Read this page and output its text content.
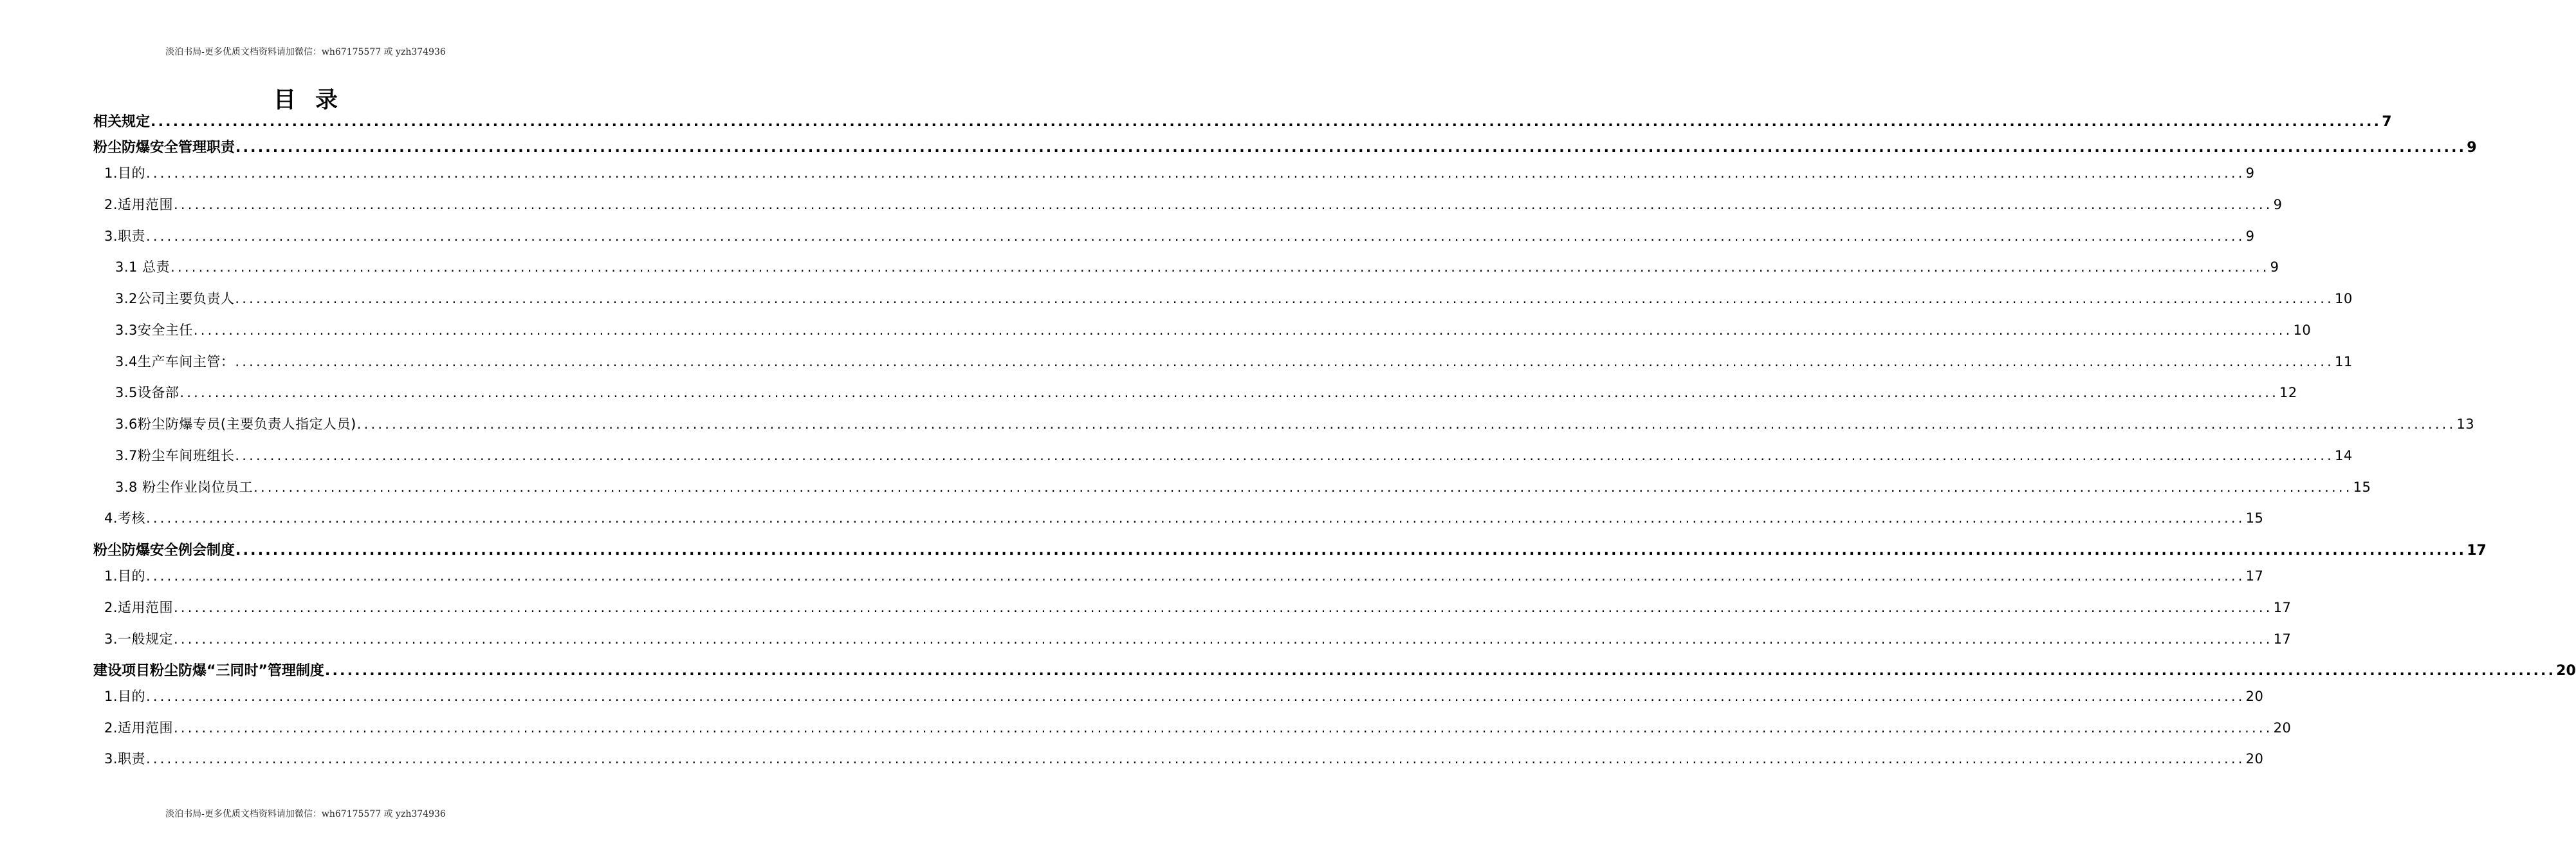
淡泊书局-更多优质文档资料请加微信：wh67175577 或 yzh374936
目录
相关规定 ............................................................................................................................................................................................................................................................................................................ 7
粉尘防爆安全管理职责 ............................................................................................................................................................................................................................................................................................................ 9
1.目的 ............................................................................................................................................................................................................................................................................................................ 9
2.适用范围 ............................................................................................................................................................................................................................................................................................................ 9
3.职责 ............................................................................................................................................................................................................................................................................................................ 9
3.1 总责 ............................................................................................................................................................................................................................................................................................................ 9
3.2公司主要负责人 ............................................................................................................................................................................................................................................................................................................ 10
3.3安全主任 ............................................................................................................................................................................................................................................................................................................ 10
3.4生产车间主管： ............................................................................................................................................................................................................................................................................................................ 11
3.5设备部 ............................................................................................................................................................................................................................................................................................................ 12
3.6粉尘防爆专员(主要负责人指定人员) ............................................................................................................................................................................................................................................................................................................ 13
3.7粉尘车间班组长 ............................................................................................................................................................................................................................................................................................................ 14
3.8 粉尘作业岗位员工 ............................................................................................................................................................................................................................................................................................................ 15
4.考核 ............................................................................................................................................................................................................................................................................................................ 15
粉尘防爆安全例会制度 ............................................................................................................................................................................................................................................................................................................ 17
1.目的 ............................................................................................................................................................................................................................................................................................................ 17
2.适用范围 ............................................................................................................................................................................................................................................................................................................ 17
3.一般规定 ............................................................................................................................................................................................................................................................................................................ 17
建设项目粉尘防爆“三同时”管理制度 ............................................................................................................................................................................................................................................................................................................ 20
1.目的 ............................................................................................................................................................................................................................................................................................................ 20
2.适用范围 ............................................................................................................................................................................................................................................................................................................ 20
3.职责 ............................................................................................................................................................................................................................................................................................................ 20
淡泊书局-更多优质文档资料请加微信：wh67175577 或 yzh374936
